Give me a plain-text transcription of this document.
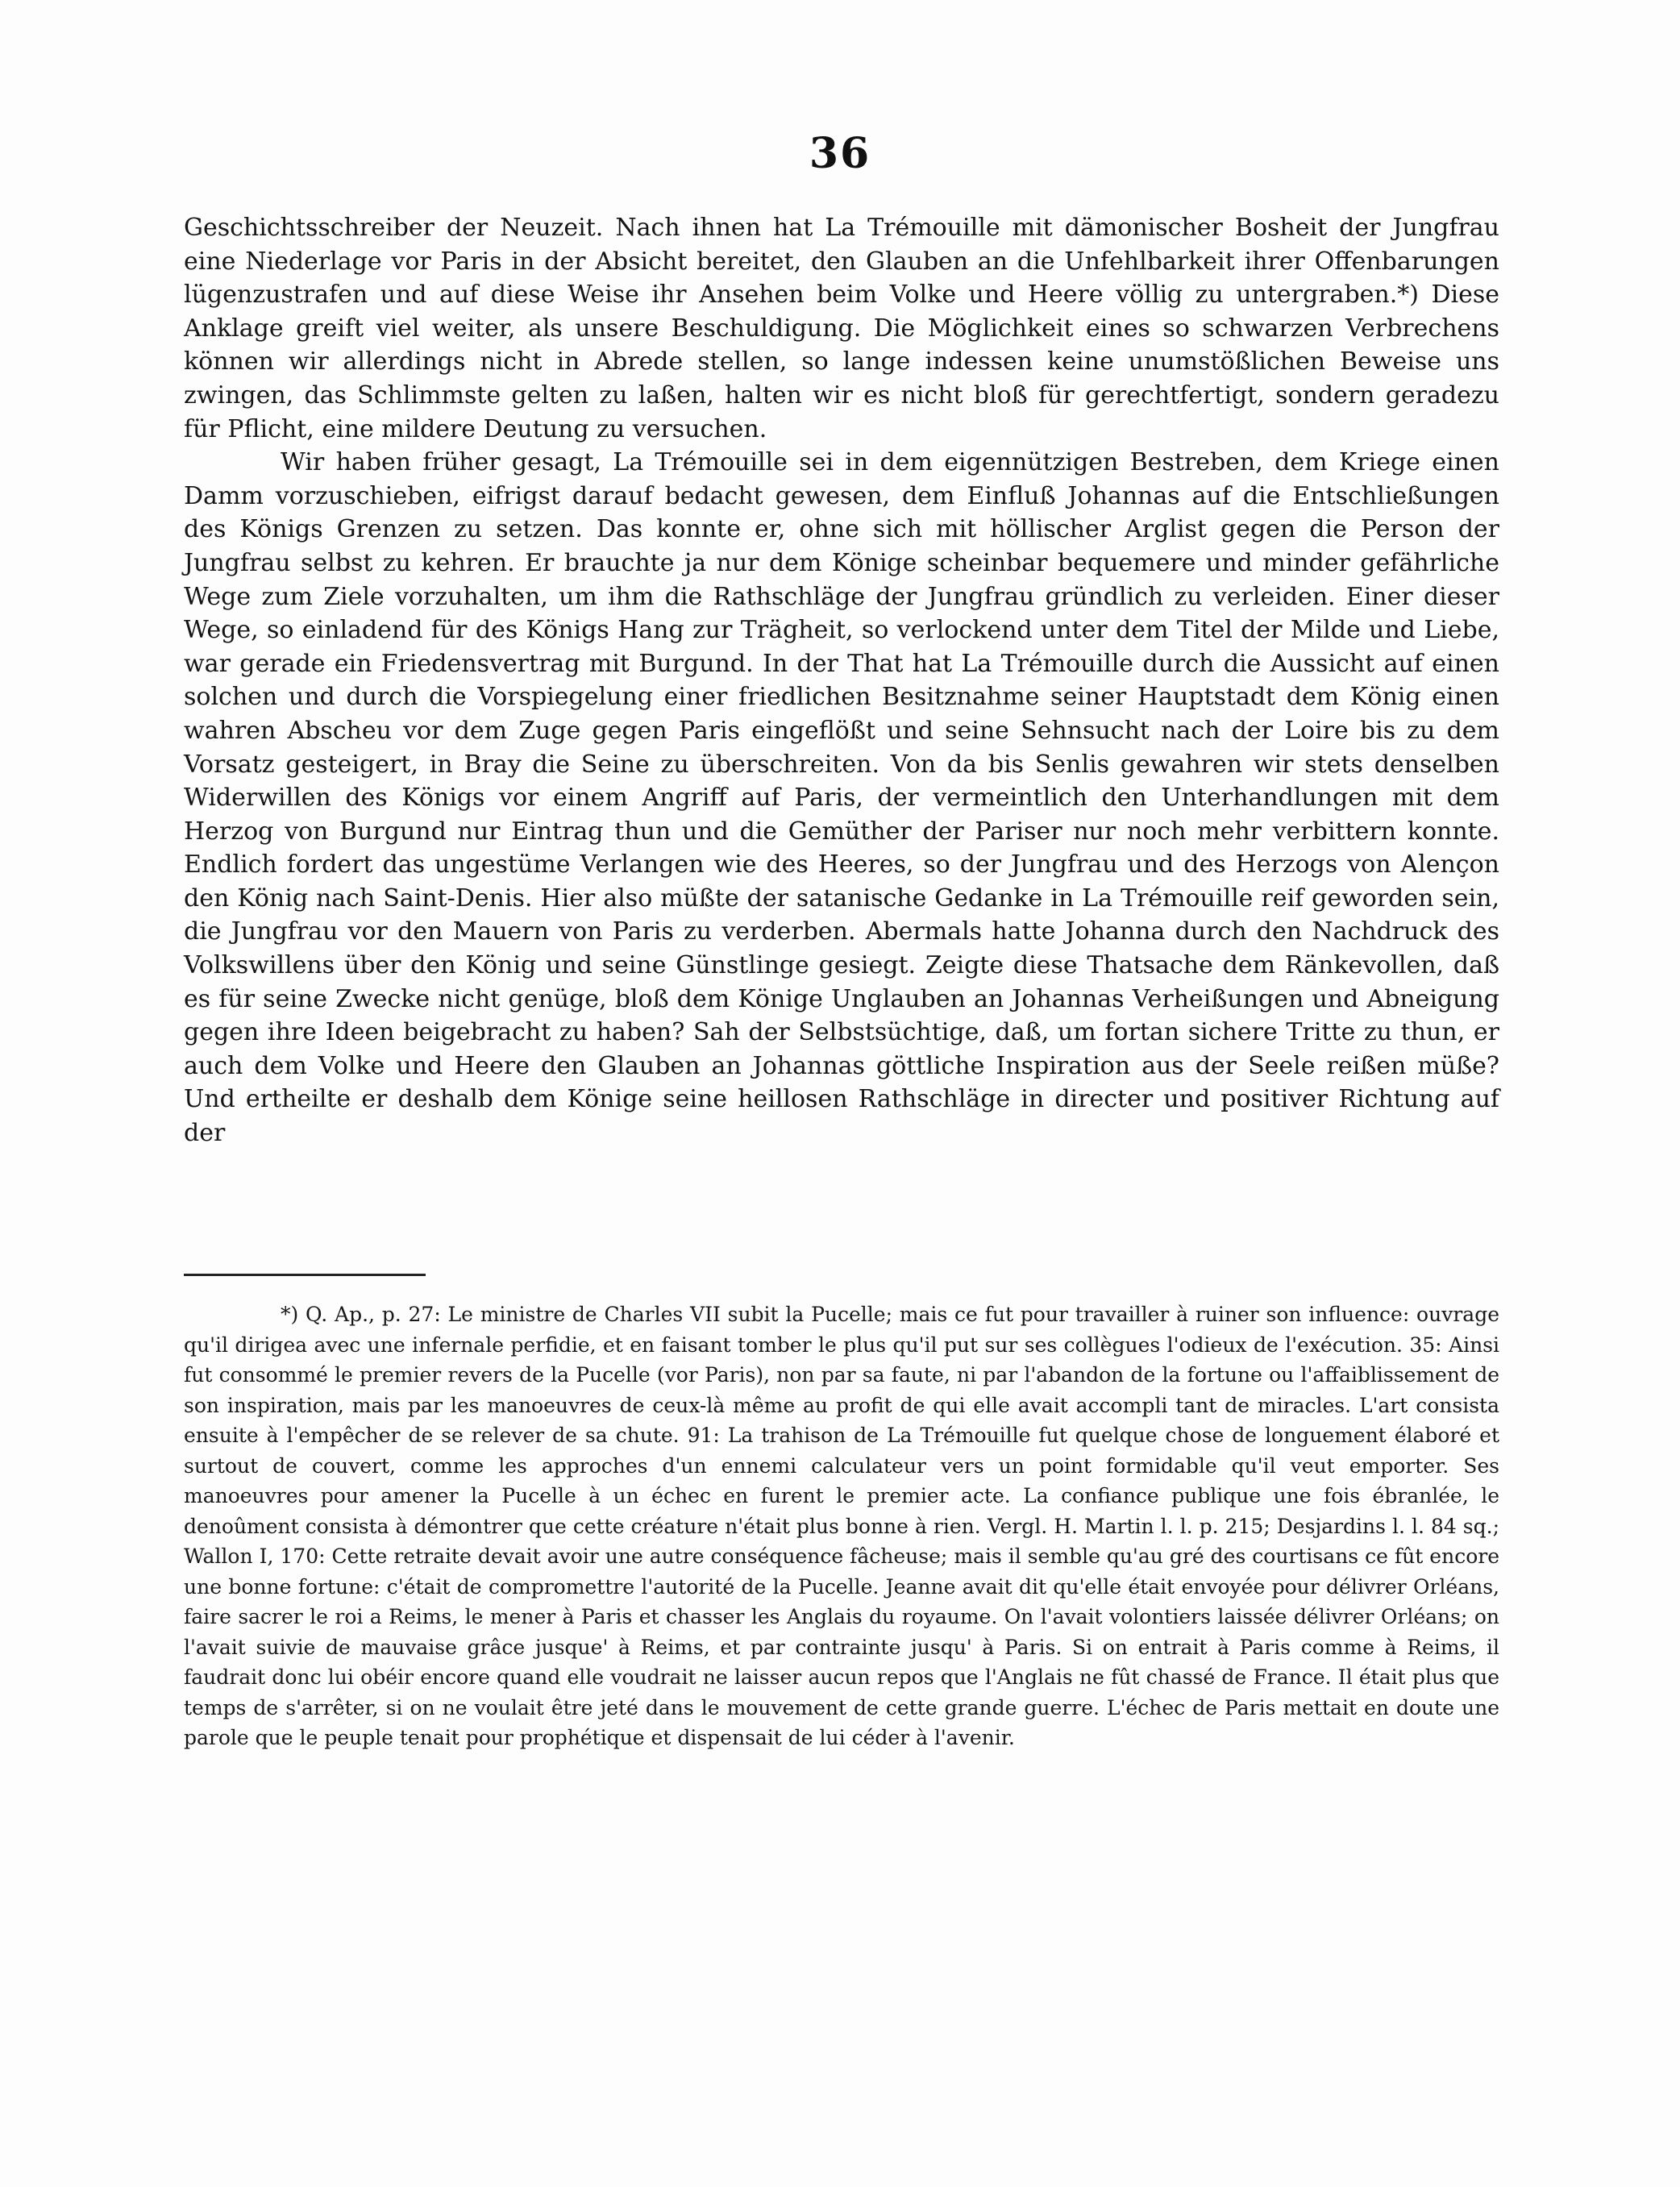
36

Geschichtsschreiber der Neuzeit. Nach ihnen hat La Trémouille mit dämonischer Bosheit der Jungfrau eine Niederlage vor Paris in der Absicht bereitet, den Glauben an die Unfehlbarkeit ihrer Offenbarungen lügenzustrafen und auf diese Weise ihr Ansehen beim Volke und Heere völlig zu untergraben.*) Diese Anklage greift viel weiter, als unsere Beschuldigung. Die Möglichkeit eines so schwarzen Verbrechens können wir allerdings nicht in Abrede stellen, so lange indessen keine unumstößlichen Beweise uns zwingen, das Schlimmste gelten zu laßen, halten wir es nicht bloß für gerechtfertigt, sondern geradezu für Pflicht, eine mildere Deutung zu versuchen.

Wir haben früher gesagt, La Trémouille sei in dem eigennützigen Bestreben, dem Kriege einen Damm vorzuschieben, eifrigst darauf bedacht gewesen, dem Einfluß Johannas auf die Entschließungen des Königs Grenzen zu setzen. Das konnte er, ohne sich mit höllischer Arglist gegen die Person der Jungfrau selbst zu kehren. Er brauchte ja nur dem Könige scheinbar bequemere und minder gefährliche Wege zum Ziele vorzuhalten, um ihm die Rathschläge der Jungfrau gründlich zu verleiden. Einer dieser Wege, so einladend für des Königs Hang zur Trägheit, so verlockend unter dem Titel der Milde und Liebe, war gerade ein Friedensvertrag mit Burgund. In der That hat La Trémouille durch die Aussicht auf einen solchen und durch die Vorspiegelung einer friedlichen Besitznahme seiner Hauptstadt dem König einen wahren Abscheu vor dem Zuge gegen Paris eingeflößt und seine Sehnsucht nach der Loire bis zu dem Vorsatz gesteigert, in Bray die Seine zu überschreiten. Von da bis Senlis gewahren wir stets denselben Widerwillen des Königs vor einem Angriff auf Paris, der vermeintlich den Unterhandlungen mit dem Herzog von Burgund nur Eintrag thun und die Gemüther der Pariser nur noch mehr verbittern konnte. Endlich fordert das ungestüme Verlangen wie des Heeres, so der Jungfrau und des Herzogs von Alençon den König nach Saint-Denis. Hier also müßte der satanische Gedanke in La Trémouille reif geworden sein, die Jungfrau vor den Mauern von Paris zu verderben. Abermals hatte Johanna durch den Nachdruck des Volkswillens über den König und seine Günstlinge gesiegt. Zeigte diese Thatsache dem Ränkevollen, daß es für seine Zwecke nicht genüge, bloß dem Könige Unglauben an Johannas Verheißungen und Abneigung gegen ihre Ideen beigebracht zu haben? Sah der Selbstsüchtige, daß, um fortan sichere Tritte zu thun, er auch dem Volke und Heere den Glauben an Johannas göttliche Inspiration aus der Seele reißen müße? Und ertheilte er deshalb dem Könige seine heillosen Rathschläge in directer und positiver Richtung auf der

*) Q. Ap., p. 27: Le ministre de Charles VII subit la Pucelle; mais ce fut pour travailler à ruiner son influence: ouvrage qu'il dirigea avec une infernale perfidie, et en faisant tomber le plus qu'il put sur ses collègues l'odieux de l'exécution. 35: Ainsi fut consommé le premier revers de la Pucelle (vor Paris), non par sa faute, ni par l'abandon de la fortune ou l'affaiblissement de son inspiration, mais par les manoeuvres de ceux-là même au profit de qui elle avait accompli tant de miracles. L'art consista ensuite à l'empêcher de se relever de sa chute. 91: La trahison de La Trémouille fut quelque chose de longuement élaboré et surtout de couvert, comme les approches d'un ennemi calculateur vers un point formidable qu'il veut emporter. Ses manoeuvres pour amener la Pucelle à un échec en furent le premier acte. La confiance publique une fois ébranlée, le denoûment consista à démontrer que cette créature n'était plus bonne à rien. Vergl. H. Martin l. l. p. 215; Desjardins l. l. 84 sq.; Wallon I, 170: Cette retraite devait avoir une autre conséquence fâcheuse; mais il semble qu'au gré des courtisans ce fût encore une bonne fortune: c'était de compromettre l'autorité de la Pucelle. Jeanne avait dit qu'elle était envoyée pour délivrer Orléans, faire sacrer le roi a Reims, le mener à Paris et chasser les Anglais du royaume. On l'avait volontiers laissée délivrer Orléans; on l'avait suivie de mauvaise grâce jusque' à Reims, et par contrainte jusqu' à Paris. Si on entrait à Paris comme à Reims, il faudrait donc lui obéir encore quand elle voudrait ne laisser aucun repos que l'Anglais ne fût chassé de France. Il était plus que temps de s'arrêter, si on ne voulait être jeté dans le mouvement de cette grande guerre. L'échec de Paris mettait en doute une parole que le peuple tenait pour prophétique et dispensait de lui céder à l'avenir.
